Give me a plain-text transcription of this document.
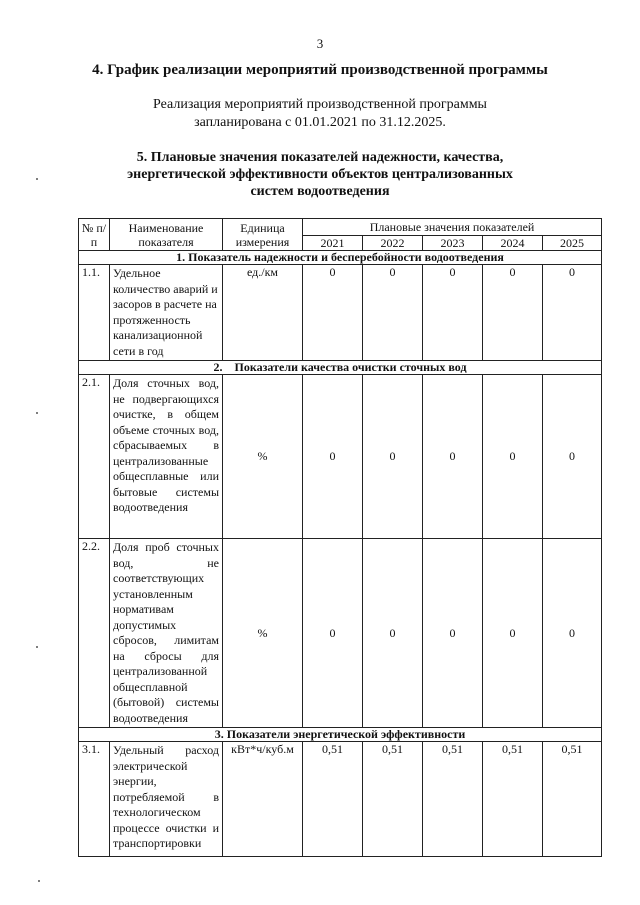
3
4. График реализации мероприятий производственной программы
Реализация мероприятий производственной программы
запланирована с 01.01.2021 по 31.12.2025.
5. Плановые значения показателей надежности, качества,
энергетической эффективности объектов централизованных
систем водоотведения
№ п/п	Наименование показателя	Единица измерения	Плановые значения показателей				
			2021	2022	2023	2024	2025
1. Показатель надежности и бесперебойности водоотведения							
1.1.	Удельное количество аварий и засоров в расчете на протяженность канализационной сети в год	ед./км	0	0	0	0	0
2.    Показатели качества очистки сточных вод							
2.1.	Доля сточных вод, не подвергающихся очистке, в общем объеме сточных вод, сбрасываемых в централизованные общесплавные или бытовые системы водоотведения	%	0	0	0	0	0
2.2.	Доля проб сточных вод, не соответствующих установленным нормативам допустимых сбросов, лимитам на сбросы для централизованной общесплавной (бытовой) системы водоотведения	%	0	0	0	0	0
3. Показатели энергетической эффективности							
3.1.	Удельный расход электрической энергии, потребляемой в технологическом процессе очистки и транспортировки	кВт*ч/куб.м	0,51	0,51	0,51	0,51	0,51
